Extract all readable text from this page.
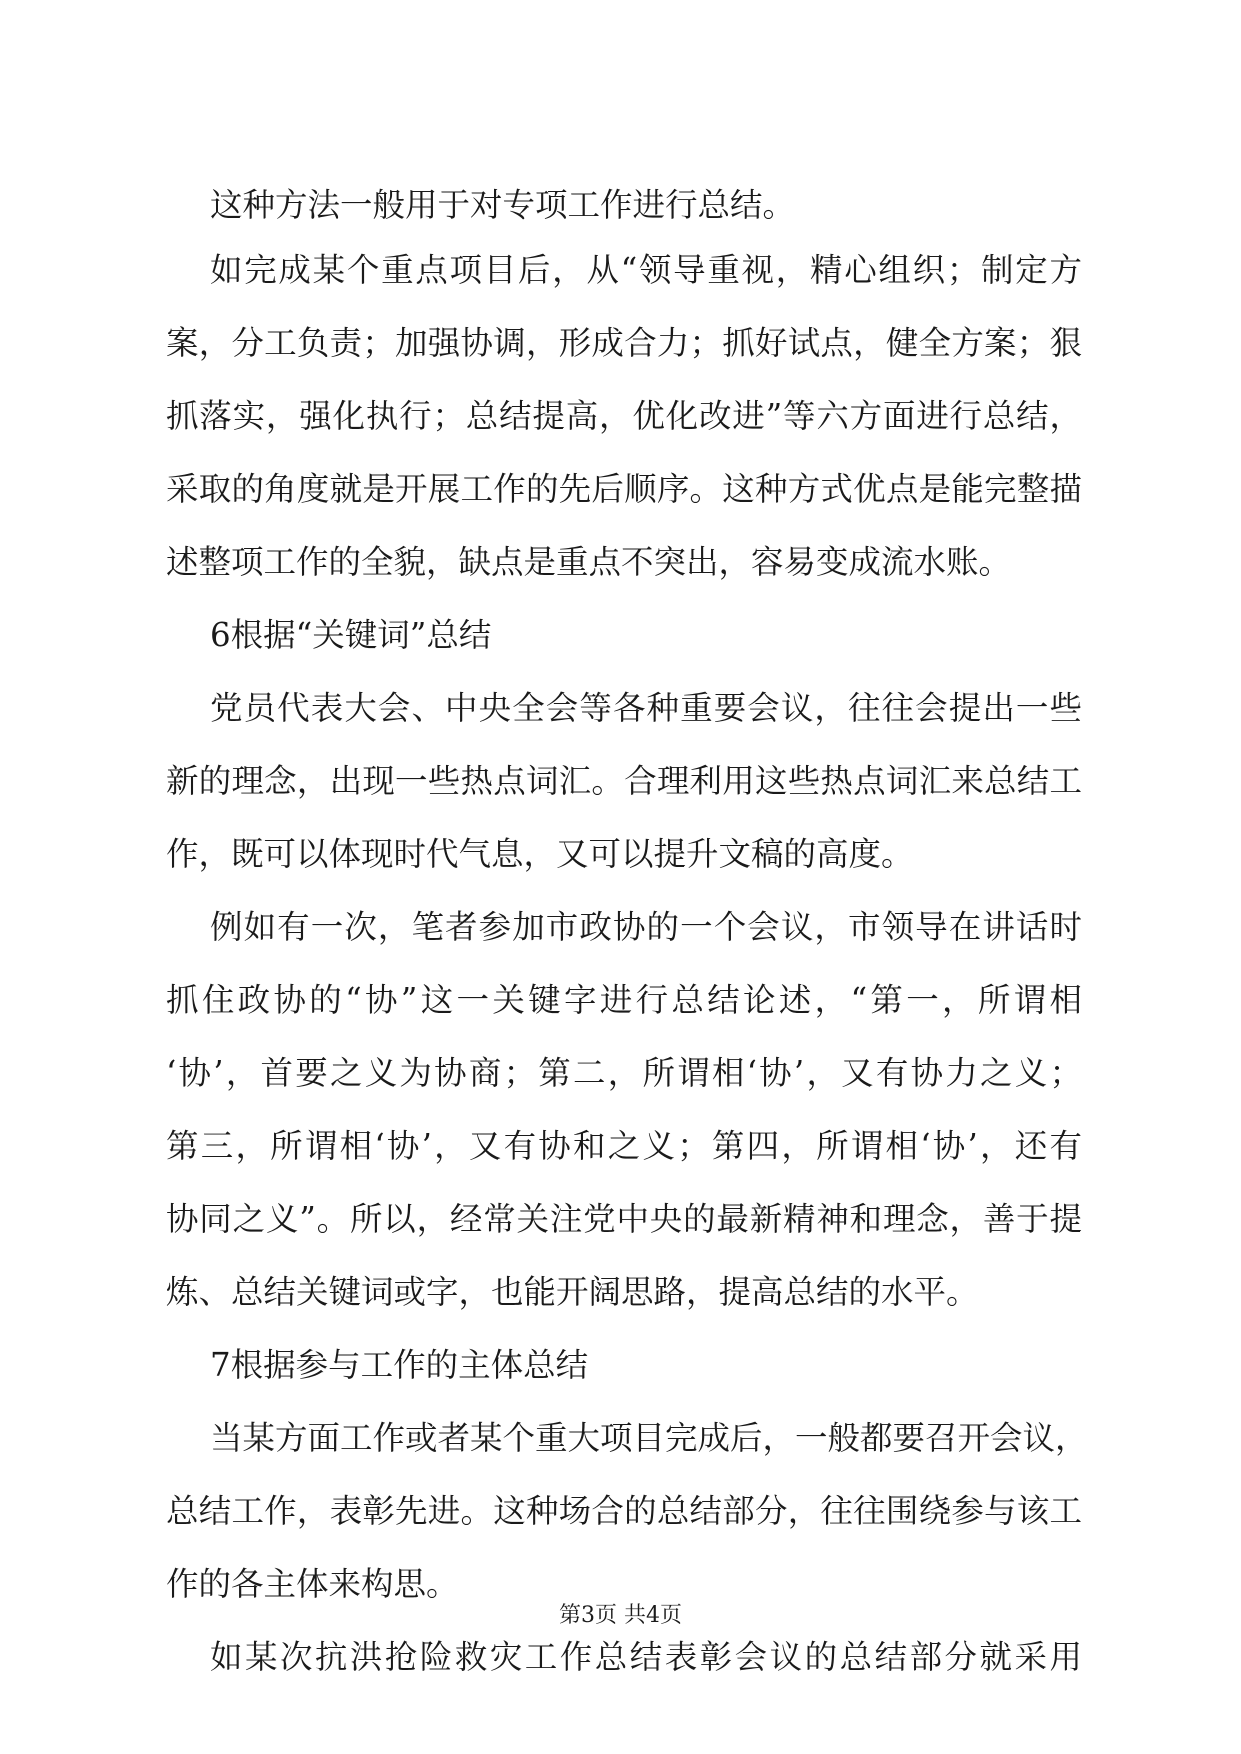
这种方法一般用于对专项工作进行总结。
如完成某个重点项目后，从“领导重视，精心组织；制定方
案，分工负责；加强协调，形成合力；抓好试点，健全方案；狠
抓落实，强化执行；总结提高，优化改进”等六方面进行总结，
采取的角度就是开展工作的先后顺序。这种方式优点是能完整描
述整项工作的全貌，缺点是重点不突出，容易变成流水账。
6根据“关键词”总结
党员代表大会、中央全会等各种重要会议，往往会提出一些
新的理念，出现一些热点词汇。合理利用这些热点词汇来总结工
作，既可以体现时代气息，又可以提升文稿的高度。
例如有一次，笔者参加市政协的一个会议，市领导在讲话时
抓住政协的“协”这一关键字进行总结论述，“第一，所谓相
‘协’，首要之义为协商；第二，所谓相‘协’，又有协力之义；
第三，所谓相‘协’，又有协和之义；第四，所谓相‘协’，还有
协同之义”。所以，经常关注党中央的最新精神和理念，善于提
炼、总结关键词或字，也能开阔思路，提高总结的水平。
7根据参与工作的主体总结
当某方面工作或者某个重大项目完成后，一般都要召开会议，
总结工作，表彰先进。这种场合的总结部分，往往围绕参与该工
作的各主体来构思。
如某次抗洪抢险救灾工作总结表彰会议的总结部分就采用
第3页 共4页
